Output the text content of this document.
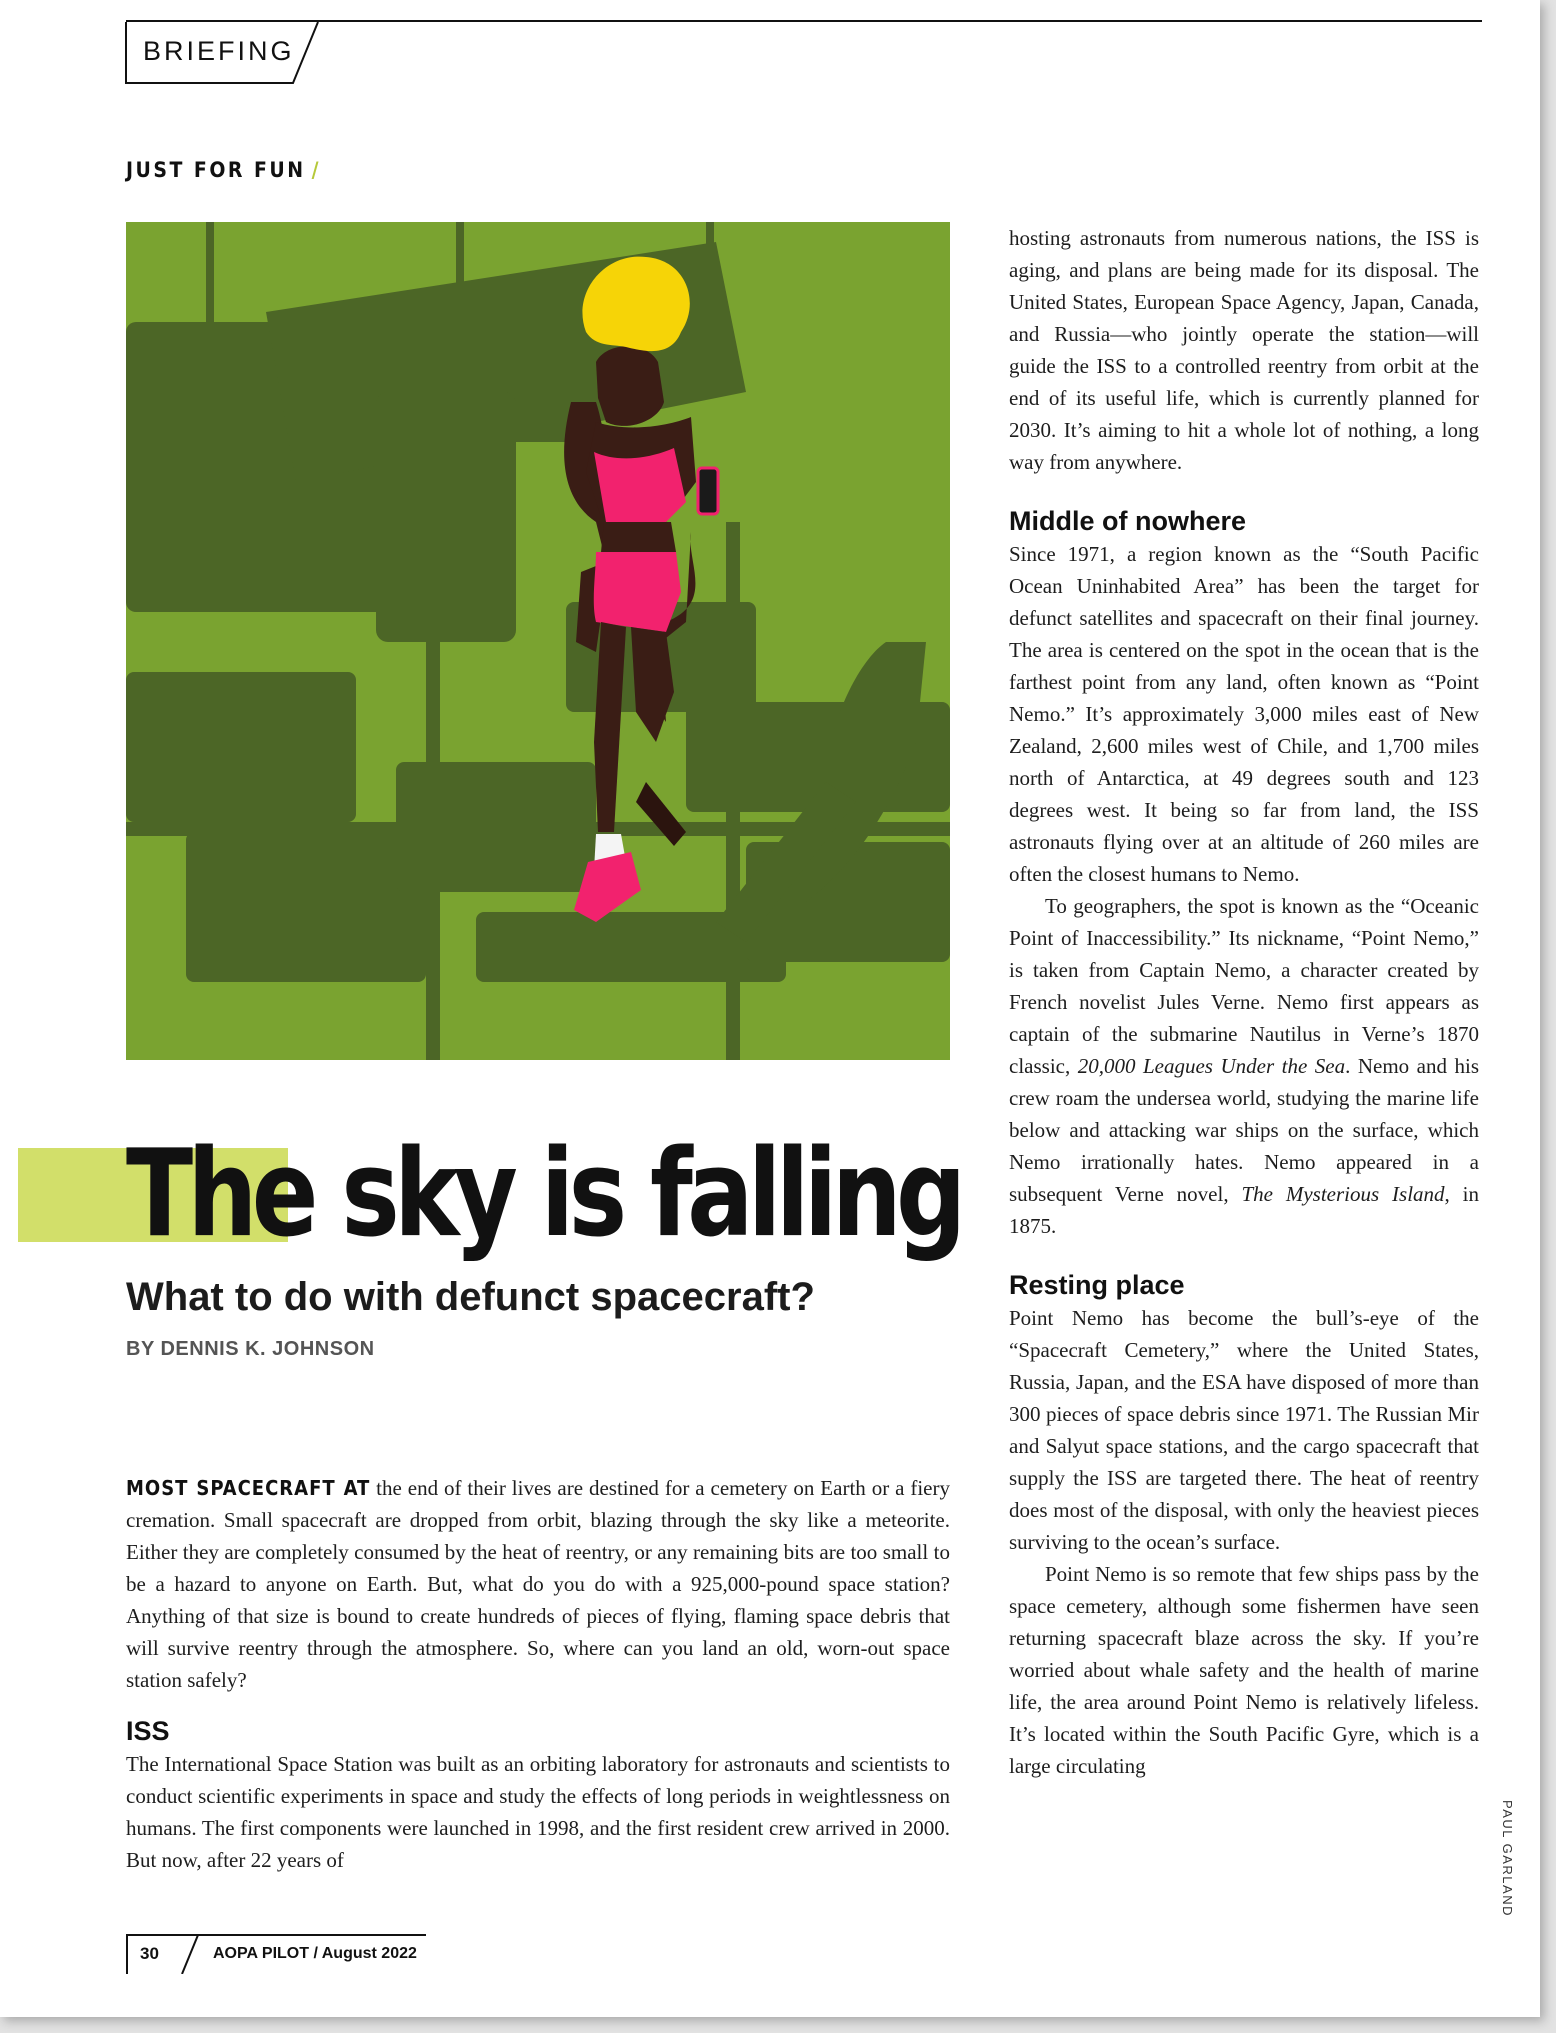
BRIEFING
JUST FOR FUN /
The sky is falling
What to do with defunct spacecraft?
BY DENNIS K. JOHNSON

MOST SPACECRAFT AT the end of their lives are destined for a cemetery on Earth or a fiery cremation. Small spacecraft are dropped from orbit, blazing through the sky like a meteorite. Either they are completely consumed by the heat of reentry, or any remaining bits are too small to be a hazard to anyone on Earth. But, what do you do with a 925,000-pound space station? Anything of that size is bound to create hundreds of pieces of flying, flaming space debris that will survive reentry through the atmosphere. So, where can you land an old, worn-out space station safely?

ISS

The International Space Station was built as an orbiting laboratory for astronauts and scientists to conduct scientific experiments in space and study the effects of long periods in weightlessness on humans. The first components were launched in 1998, and the first resident crew arrived in 2000. But now, after 22 years of

hosting astronauts from numerous nations, the ISS is aging, and plans are being made for its disposal. The United States, European Space Agency, Japan, Canada, and Russia—who jointly operate the station—will guide the ISS to a controlled reentry from orbit at the end of its useful life, which is currently planned for 2030. It’s aiming to hit a whole lot of nothing, a long way from anywhere.

Middle of nowhere

Since 1971, a region known as the “South Pacific Ocean Uninhabited Area” has been the target for defunct satellites and spacecraft on their final journey. The area is centered on the spot in the ocean that is the farthest point from any land, often known as “Point Nemo.” It’s approximately 3,000 miles east of New Zealand, 2,600 miles west of Chile, and 1,700 miles north of Antarctica, at 49 degrees south and 123 degrees west. It being so far from land, the ISS astronauts flying over at an altitude of 260 miles are often the closest humans to Nemo.

To geographers, the spot is known as the “Oceanic Point of Inaccessibility.” Its nickname, “Point Nemo,” is taken from Captain Nemo, a character created by French novelist Jules Verne. Nemo first appears as captain of the submarine Nautilus in Verne’s 1870 classic, 20,000 Leagues Under the Sea. Nemo and his crew roam the undersea world, studying the marine life below and attacking war ships on the surface, which Nemo irrationally hates. Nemo appeared in a subsequent Verne novel, The Mysterious Island, in 1875.

Resting place

Point Nemo has become the bull’s-eye of the “Spacecraft Cemetery,” where the United States, Russia, Japan, and the ESA have disposed of more than 300 pieces of space debris since 1971. The Russian Mir and Salyut space stations, and the cargo spacecraft that supply the ISS are targeted there. The heat of reentry does most of the disposal, with only the heaviest pieces surviving to the ocean’s surface.

Point Nemo is so remote that few ships pass by the space cemetery, although some fishermen have seen returning spacecraft blaze across the sky. If you’re worried about whale safety and the health of marine life, the area around Point Nemo is relatively lifeless. It’s located within the South Pacific Gyre, which is a large circulating

PAUL GARLAND
30	AOPA PILOT / August 2022
